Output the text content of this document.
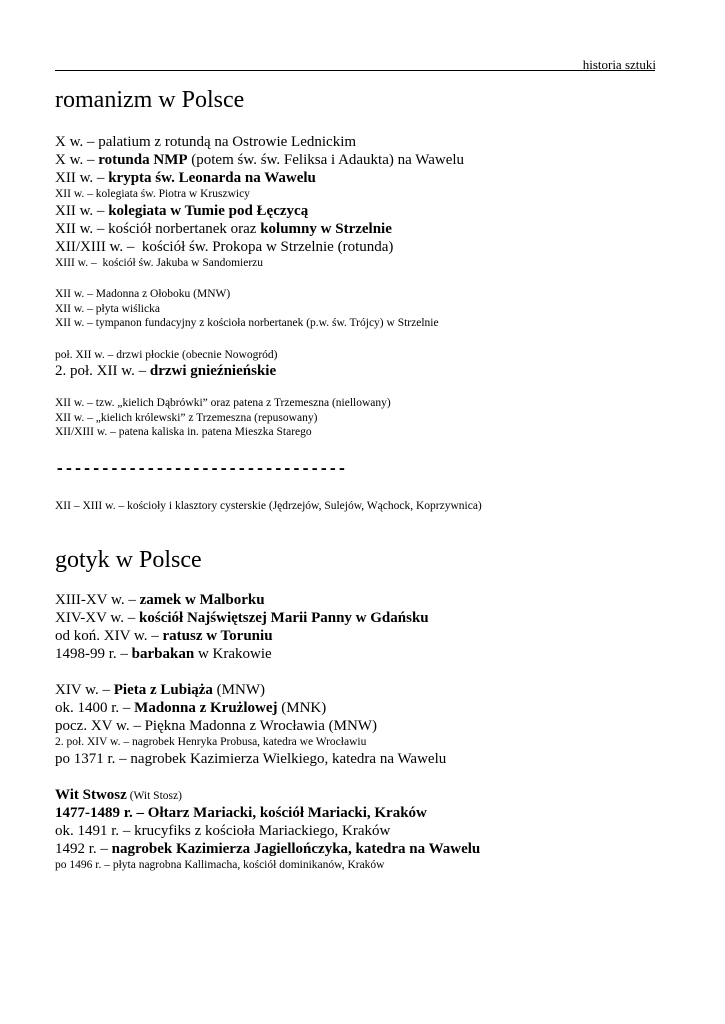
historia sztuki
romanizm w Polsce
X w. – palatium z rotundą na Ostrowie Lednickim
X w. – rotunda NMP (potem św. św. Feliksa i Adaukta) na Wawelu
XII w. – krypta św. Leonarda na Wawelu
XII w. – kolegiata św. Piotra w Kruszwicy
XII w. – kolegiata w Tumie pod Łęczycą
XII w. – kościół norbertanek oraz kolumny w Strzelnie
XII/XIII w. –  kościół św. Prokopa w Strzelnie (rotunda)
XIII w. –  kościół św. Jakuba w Sandomierzu
XII w. – Madonna z Ołoboku (MNW)
XII w. – płyta wiślicka
XII w. – tympanon fundacyjny z kościoła norbertanek (p.w. św. Trójcy) w Strzelnie
poł. XII w. – drzwi płockie (obecnie Nowogród)
2. poł. XII w. – drzwi gnieźnieńskie
XII w. – tzw. „kielich Dąbrówki” oraz patena z Trzemeszna (niellowany)
XII w. – „kielich królewski” z Trzemeszna (repusowany)
XII/XIII w. – patena kaliska in. patena Mieszka Starego
--------------------------------
XII – XIII w. – kościoły i klasztory cysterskie (Jędrzejów, Sulejów, Wąchock, Koprzywnica)
gotyk w Polsce
XIII-XV w. – zamek w Malborku
XIV-XV w. – kościół Najświętszej Marii Panny w Gdańsku
od koń. XIV w. – ratusz w Toruniu
1498-99 r. – barbakan w Krakowie
XIV w. – Pieta z Lubiąża (MNW)
ok. 1400 r. – Madonna z Krużlowej (MNK)
pocz. XV w. – Piękna Madonna z Wrocławia (MNW)
2. poł. XIV w. – nagrobek Henryka Probusa, katedra we Wrocławiu
po 1371 r. – nagrobek Kazimierza Wielkiego, katedra na Wawelu
Wit Stwosz (Wit Stosz)
1477-1489 r. – Ołtarz Mariacki, kościół Mariacki, Kraków
ok. 1491 r. – krucyfiks z kościoła Mariackiego, Kraków
1492 r. – nagrobek Kazimierza Jagiellończyka, katedra na Wawelu
po 1496 r. – płyta nagrobna Kallimacha, kościół dominikanów, Kraków
